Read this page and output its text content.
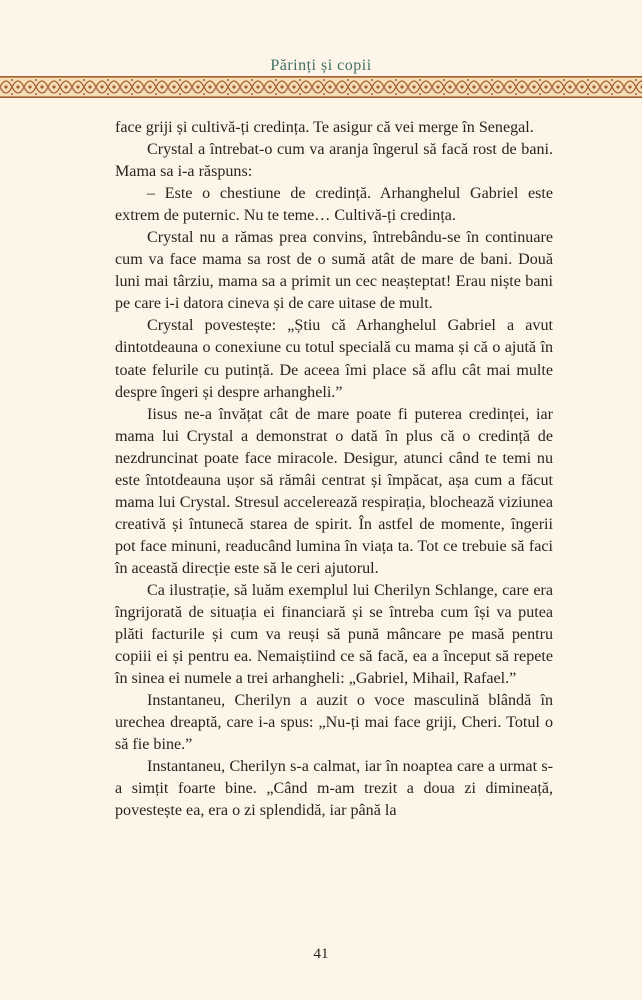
Părinți și copii

face griji și cultivă-ți credința. Te asigur că vei merge în Senegal.

Crystal a întrebat-o cum va aranja îngerul să facă rost de bani. Mama sa i-a răspuns:

– Este o chestiune de credință. Arhanghelul Gabriel este extrem de puternic. Nu te teme… Cultivă-ți credința.

Crystal nu a rămas prea convins, întrebându-se în continuare cum va face mama sa rost de o sumă atât de mare de bani. Două luni mai târziu, mama sa a primit un cec neașteptat! Erau niște bani pe care i-i datora cineva și de care uitase de mult.

Crystal povestește: „Știu că Arhanghelul Gabriel a avut dintotdeauna o conexiune cu totul specială cu mama și că o ajută în toate felurile cu putință. De aceea îmi place să aflu cât mai multe despre îngeri și despre arhangheli.”

Iisus ne-a învățat cât de mare poate fi puterea credinței, iar mama lui Crystal a demonstrat o dată în plus că o credință de nezdruncinat poate face miracole. Desigur, atunci când te temi nu este întotdeauna ușor să rămâi centrat și împăcat, așa cum a făcut mama lui Crystal. Stresul accelerează respirația, blochează viziunea creativă și întunecă starea de spirit. În astfel de momente, îngerii pot face minuni, readucând lumina în viața ta. Tot ce trebuie să faci în această direcție este să le ceri ajutorul.

Ca ilustrație, să luăm exemplul lui Cherilyn Schlange, care era îngrijorată de situația ei financiară și se întreba cum își va putea plăti facturile și cum va reuși să pună mâncare pe masă pentru copiii ei și pentru ea. Nemaiștiind ce să facă, ea a început să repete în sinea ei numele a trei arhangheli: „Gabriel, Mihail, Rafael.”

Instantaneu, Cherilyn a auzit o voce masculină blândă în urechea dreaptă, care i-a spus: „Nu-ți mai face griji, Cheri. Totul o să fie bine.”

Instantaneu, Cherilyn s-a calmat, iar în noaptea care a urmat s-a simțit foarte bine. „Când m-am trezit a doua zi dimineață, povestește ea, era o zi splendidă, iar până la

41
